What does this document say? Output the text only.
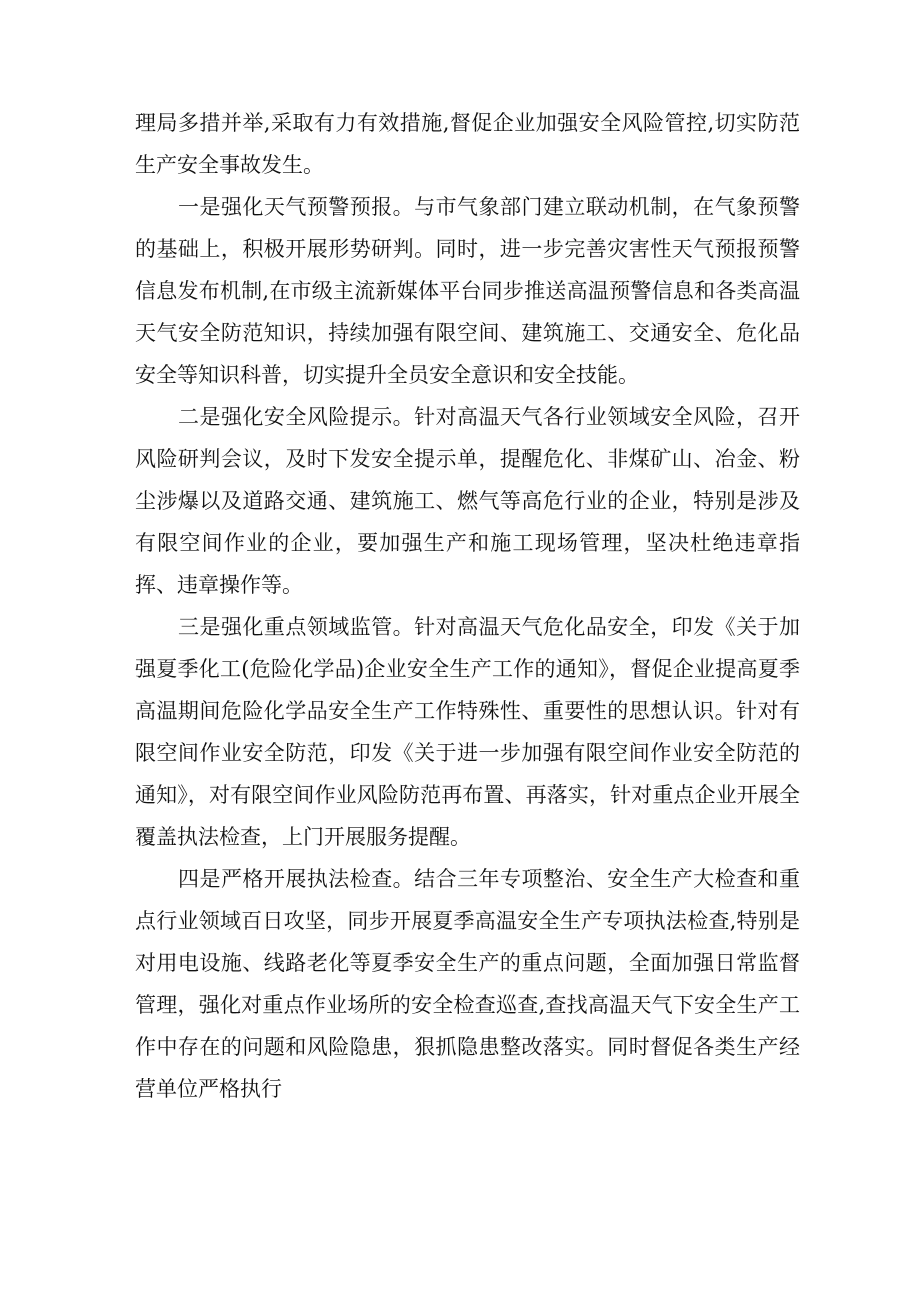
理局多措并举,采取有力有效措施,督促企业加强安全风险管控,切实防范生产安全事故发生。

一是强化天气预警预报。与市气象部门建立联动机制，在气象预警的基础上，积极开展形势研判。同时，进一步完善灾害性天气预报预警信息发布机制,在市级主流新媒体平台同步推送高温预警信息和各类高温天气安全防范知识，持续加强有限空间、建筑施工、交通安全、危化品安全等知识科普，切实提升全员安全意识和安全技能。

二是强化安全风险提示。针对高温天气各行业领域安全风险，召开风险研判会议，及时下发安全提示单，提醒危化、非煤矿山、冶金、粉尘涉爆以及道路交通、建筑施工、燃气等高危行业的企业，特别是涉及有限空间作业的企业，要加强生产和施工现场管理，坚决杜绝违章指挥、违章操作等。

三是强化重点领域监管。针对高温天气危化品安全，印发《关于加强夏季化工(危险化学品)企业安全生产工作的通知》，督促企业提高夏季高温期间危险化学品安全生产工作特殊性、重要性的思想认识。针对有限空间作业安全防范，印发《关于进一步加强有限空间作业安全防范的通知》，对有限空间作业风险防范再布置、再落实，针对重点企业开展全覆盖执法检查，上门开展服务提醒。

四是严格开展执法检查。结合三年专项整治、安全生产大检查和重点行业领域百日攻坚，同步开展夏季高温安全生产专项执法检查,特别是对用电设施、线路老化等夏季安全生产的重点问题，全面加强日常监督管理，强化对重点作业场所的安全检查巡查,查找高温天气下安全生产工作中存在的问题和风险隐患，狠抓隐患整改落实。同时督促各类生产经营单位严格执行
